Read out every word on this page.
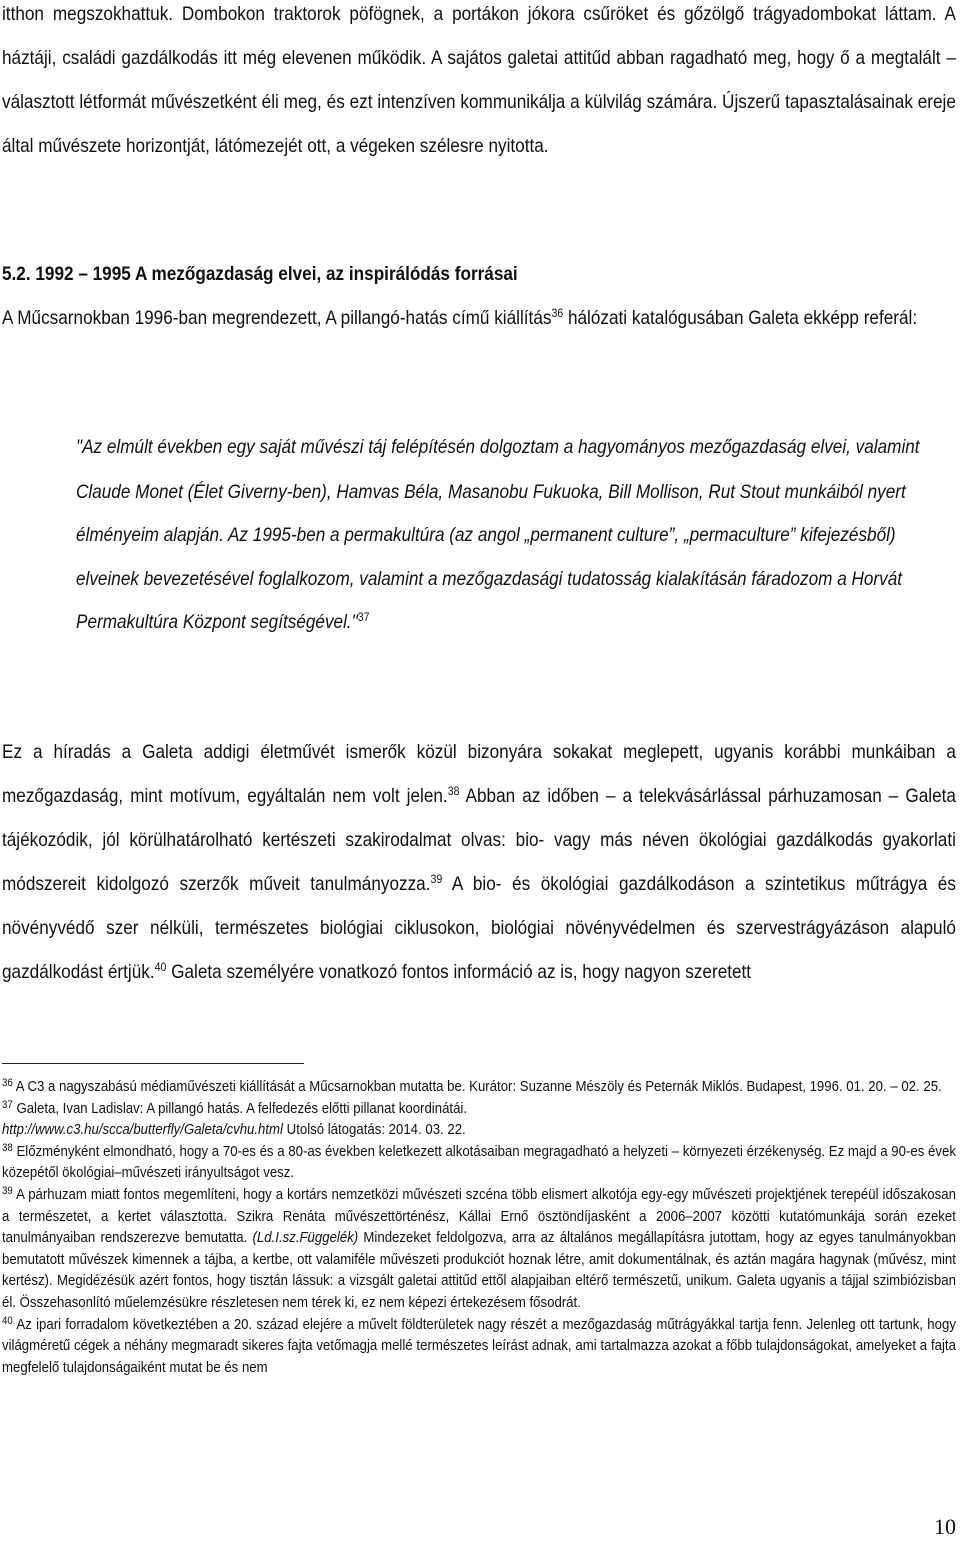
itthon megszokhattuk. Dombokon traktorok pöfögnek, a portákon jókora csűröket és gőzölgő trágyadombokat láttam. A háztáji, családi gazdálkodás itt még elevenen működik. A sajátos galetai attitűd abban ragadható meg, hogy ő a megtalált – választott létformát művészetként éli meg, és ezt intenzíven kommunikálja a külvilág számára. Újszerű tapasztalásainak ereje által művészete horizontját, látómezejét ott, a végeken szélesre nyitotta.
5.2. 1992 – 1995 A mezőgazdaság elvei, az inspirálódás forrásai
A Műcsarnokban 1996-ban megrendezett, A pillangó-hatás című kiállítás$^{36}$ hálózati katalógusában Galeta ekképp referál:
"Az elmúlt években egy saját művészi táj felépítésén dolgoztam a hagyományos mezőgazdaság elvei, valamint Claude Monet (Élet Giverny-ben), Hamvas Béla, Masanobu Fukuoka, Bill Mollison, Rut Stout munkáiból nyert élményeim alapján. Az 1995-ben a permakultúra (az angol „permanent culture”, „permaculture” kifejezésből) elveinek bevezetésével foglalkozom, valamint a mezőgazdasági tudatosság kialakításán fáradozom a Horvát Permakultúra Központ segítségével."$^{37}$
Ez a híradás a Galeta addigi életművét ismerők közül bizonyára sokakat meglepett, ugyanis korábbi munkáiban a mezőgazdaság, mint motívum, egyáltalán nem volt jelen.$^{38}$ Abban az időben – a telekvásárlással párhuzamosan – Galeta tájékozódik, jól körülhatárolható kertészeti szakirodalmat olvas: bio- vagy más néven ökológiai gazdálkodás gyakorlati módszereit kidolgozó szerzők műveit tanulmányozza.$^{39}$ A bio- és ökológiai gazdálkodáson a szintetikus műtrágya és növényvédő szer nélküli, természetes biológiai ciklusokon, biológiai növényvédelmen és szervestrágyázáson alapuló gazdálkodást értjük.$^{40}$ Galeta személyére vonatkozó fontos információ az is, hogy nagyon szeretett

$^{36}$ A C3 a nagyszabású médiaművészeti kiállítását a Műcsarnokban mutatta be. Kurátor: Suzanne Mészöly és Peternák Miklós. Budapest, 1996. 01. 20. – 02. 25.

$^{37}$ Galeta, Ivan Ladislav: A pillangó hatás. A felfedezés előtti pillanat koordinátái.
http://www.c3.hu/scca/butterfly/Galeta/cvhu.html Utolsó látogatás: 2014. 03. 22.

$^{38}$ Előzményként elmondható, hogy a 70-es és a 80-as években keletkezett alkotásaiban megragadható a helyzeti – környezeti érzékenység. Ez majd a 90-es évek közepétől ökológiai–művészeti irányultságot vesz.

$^{39}$ A párhuzam miatt fontos megemlíteni, hogy a kortárs nemzetközi művészeti szcéna több elismert alkotója egy-egy művészeti projektjének terepéül időszakosan a természetet, a kertet választotta. Szikra Renáta művészettörténész, Kállai Ernő ösztöndíjasként a 2006–2007 közötti kutatómunkája során ezeket tanulmányaiban rendszerezve bemutatta. (Ld.I.sz.Függelék) Mindezeket feldolgozva, arra az általános megállapításra jutottam, hogy az egyes tanulmányokban bemutatott művészek kimennek a tájba, a kertbe, ott valamiféle művészeti produkciót hoznak létre, amit dokumentálnak, és aztán magára hagynak (művész, mint kertész). Megidézésük azért fontos, hogy tisztán lássuk: a vizsgált galetai attitűd ettől alapjaiban eltérő természetű, unikum. Galeta ugyanis a tájjal szimbiózisban él. Összehasonlító műelemzésükre részletesen nem térek ki, ez nem képezi értekezésem fősodrát.

$^{40}$ Az ipari forradalom következtében a 20. század elejére a művelt földterületek nagy részét a mezőgazdaság műtrágyákkal tartja fenn. Jelenleg ott tartunk, hogy világméretű cégek a néhány megmaradt sikeres fajta vetőmagja mellé természetes leírást adnak, ami tartalmazza azokat a főbb tulajdonságokat, amelyeket a fajta megfelelő tulajdonságaiként mutat be és nem

10
